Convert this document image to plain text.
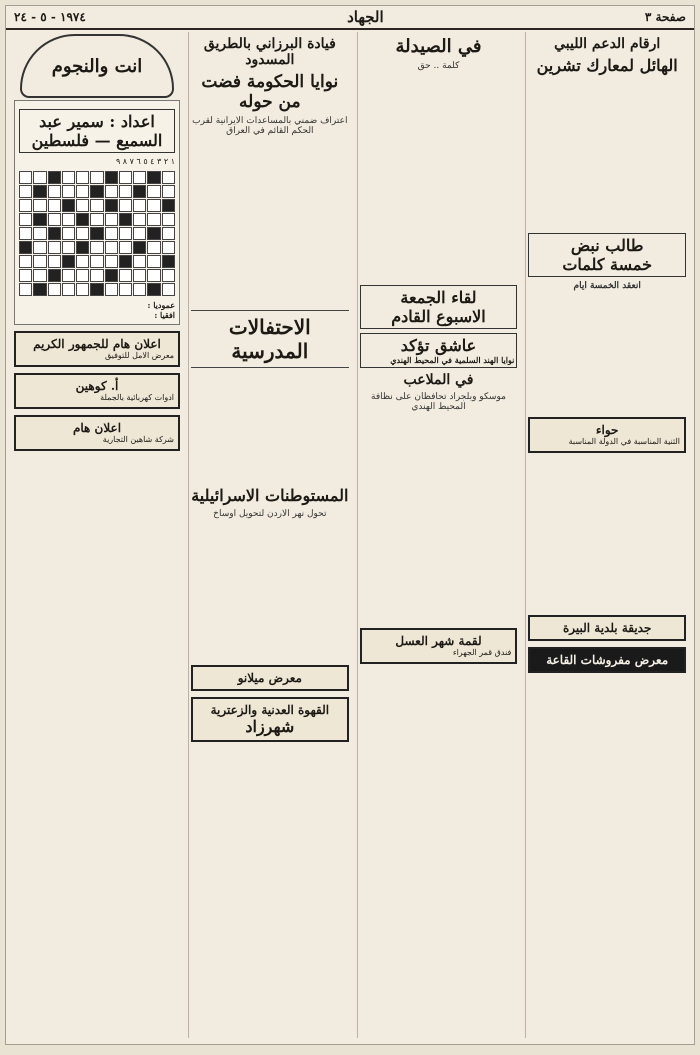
١٩٧٤ - ٥ - ٢٤	الجهاد	صفحة ٣
انت والنجوم
اعداد : سمير عبد السميع — فلسطين
١ ٢ ٣ ٤ ٥ ٦ ٧ ٨ ٩
عموديا :
افقيا :
اعلان هام للجمهور الكريم
معرض الامل للتوفيق
أ. كوهين
ادوات كهربائية بالجملة
اعلان هام
شركة شاهين التجارية
فيادة البرزاني بالطريق المسدود
نوايا الحكومة فضت من حوله
اعتراف ضمني بالمساعدات الايرانية لقرب الحكم القائم في العراق
الاحتفالات المدرسية
المستوطنات الاسرائيلية
تحول نهر الاردن لتحويل اوساخ
معرض ميلانو
القهوة العدنية والزعترية
شهرزاد
في الصيدلة
كلمة .. حق
لقاء الجمعة
الاسبوع القادم
عاشق تؤكد
نوايا الهند السلمية في المحيط الهندي
في الملاعب
موسكو وبلجراد تحافظان على نظافة المحيط الهندي
لقمة شهر العسل
فندق قمر الجهراء
ارقام الدعم الليبي
الهائل لمعارك تشرين
طالب نبض
خمسة كلمات
انعقد الخمسة ايام
حواء
الثنية المناسبة في الدولة المناسبة
جديقة بلدية البيرة
معرض مفروشات القاعة
